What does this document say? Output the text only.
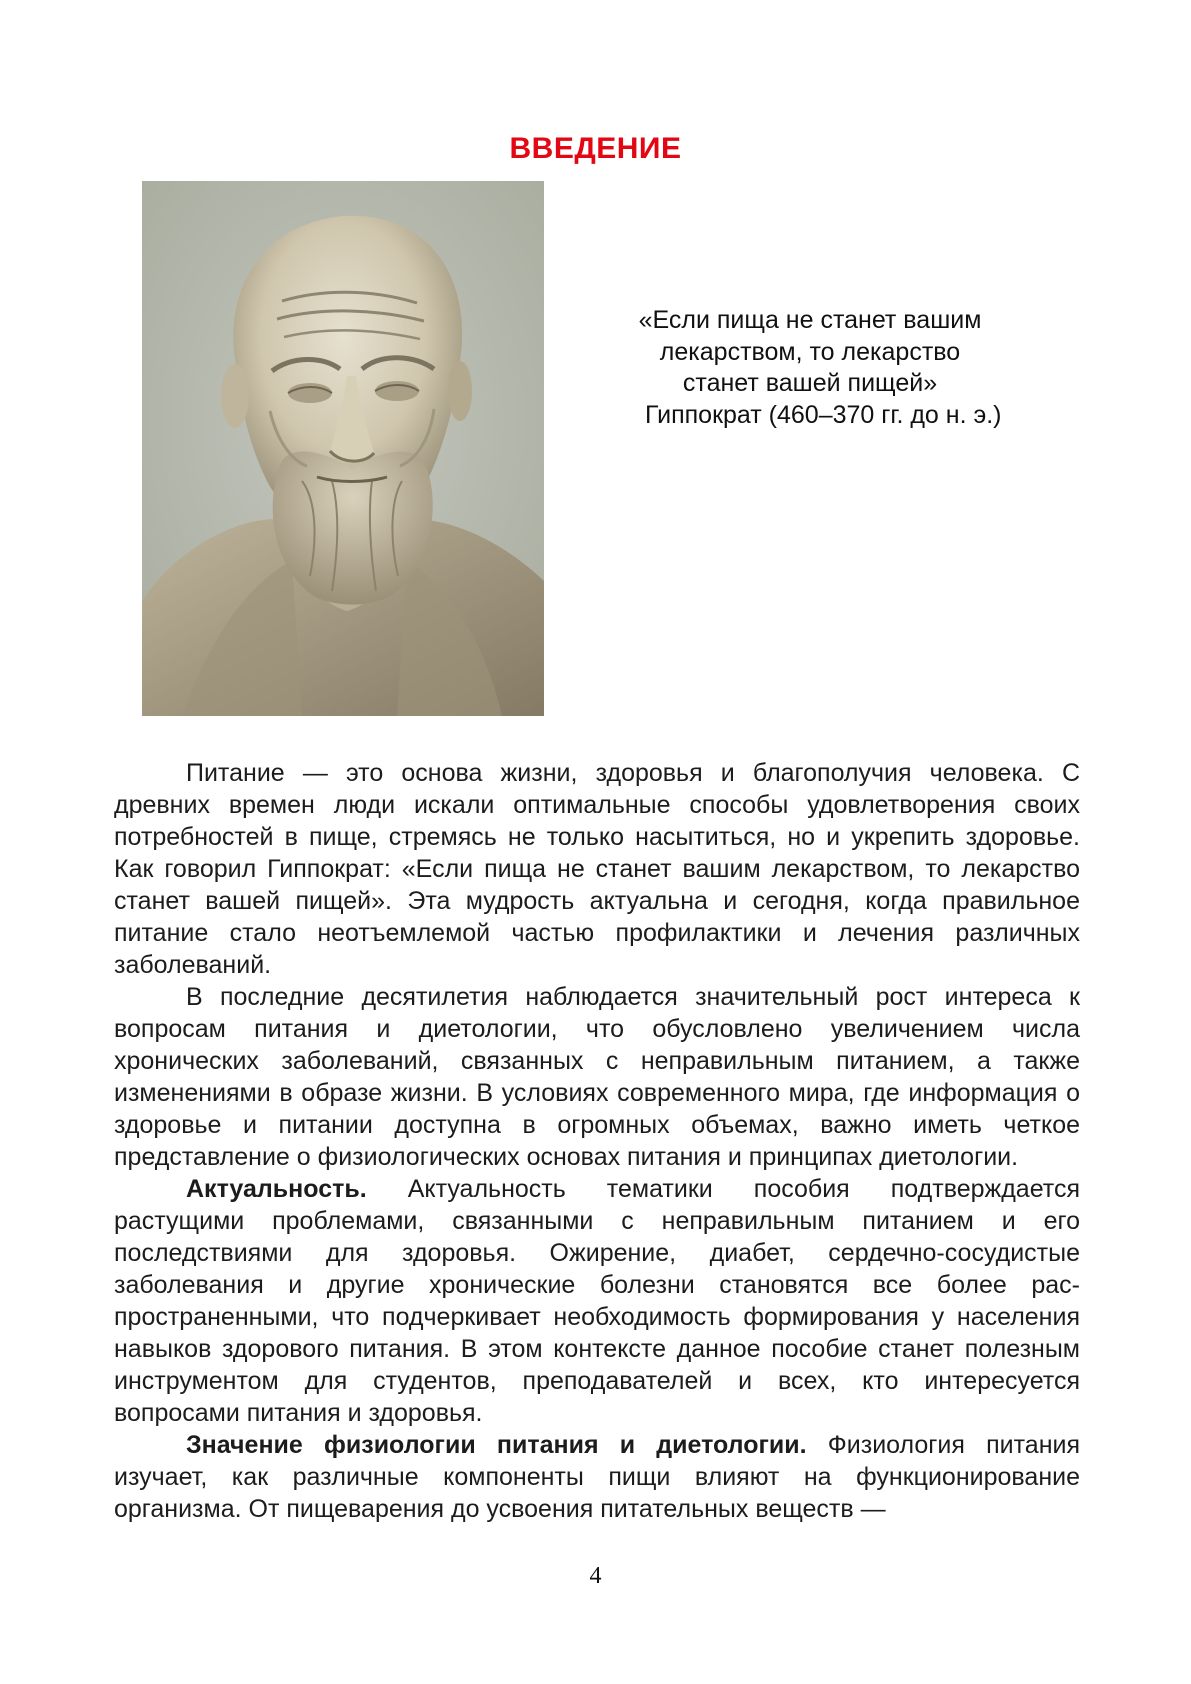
ВВЕДЕНИЕ
«Если пища не станет вашим
лекарством, то лекарство
станет вашей пищей»
Гиппократ (460–370 гг. до н. э.)

Питание — это основа жизни, здоровья и благополучия человека. С древних времен люди искали оптимальные способы удовлетворения своих потребностей в пище, стремясь не только насытиться, но и укрепить здоровье. Как говорил Гиппократ: «Если пища не станет вашим лекарством, то лекарство станет вашей пищей». Эта мудрость актуальна и сегодня, когда правильное питание стало неотъемлемой частью профилактики и лечения различных заболеваний.

В последние десятилетия наблюдается значительный рост интереса к вопросам питания и диетологии, что обусловлено увеличением числа хронических заболеваний, связанных с неправильным питанием, а также изменениями в образе жизни. В условиях современного мира, где информация о здоровье и питании доступна в огромных объемах, важно иметь четкое представление о физиологических основах питания и принципах диетологии.

Актуальность. Актуальность тематики пособия подтверждается растущими проблемами, связанными с неправильным питанием и его последствиями для здоровья. Ожирение, диабет, сердечно-сосудистые заболевания и другие хронические болезни становятся все более распространенными, что подчеркивает необходимость формирования у населения навыков здорового питания. В этом контексте данное пособие станет полезным инструментом для студентов, преподавателей и всех, кто интересуется вопросами питания и здоровья.

Значение физиологии питания и диетологии. Физиология питания изучает, как различные компоненты пищи влияют на функционирование организма. От пищеварения до усвоения питательных веществ —

4
